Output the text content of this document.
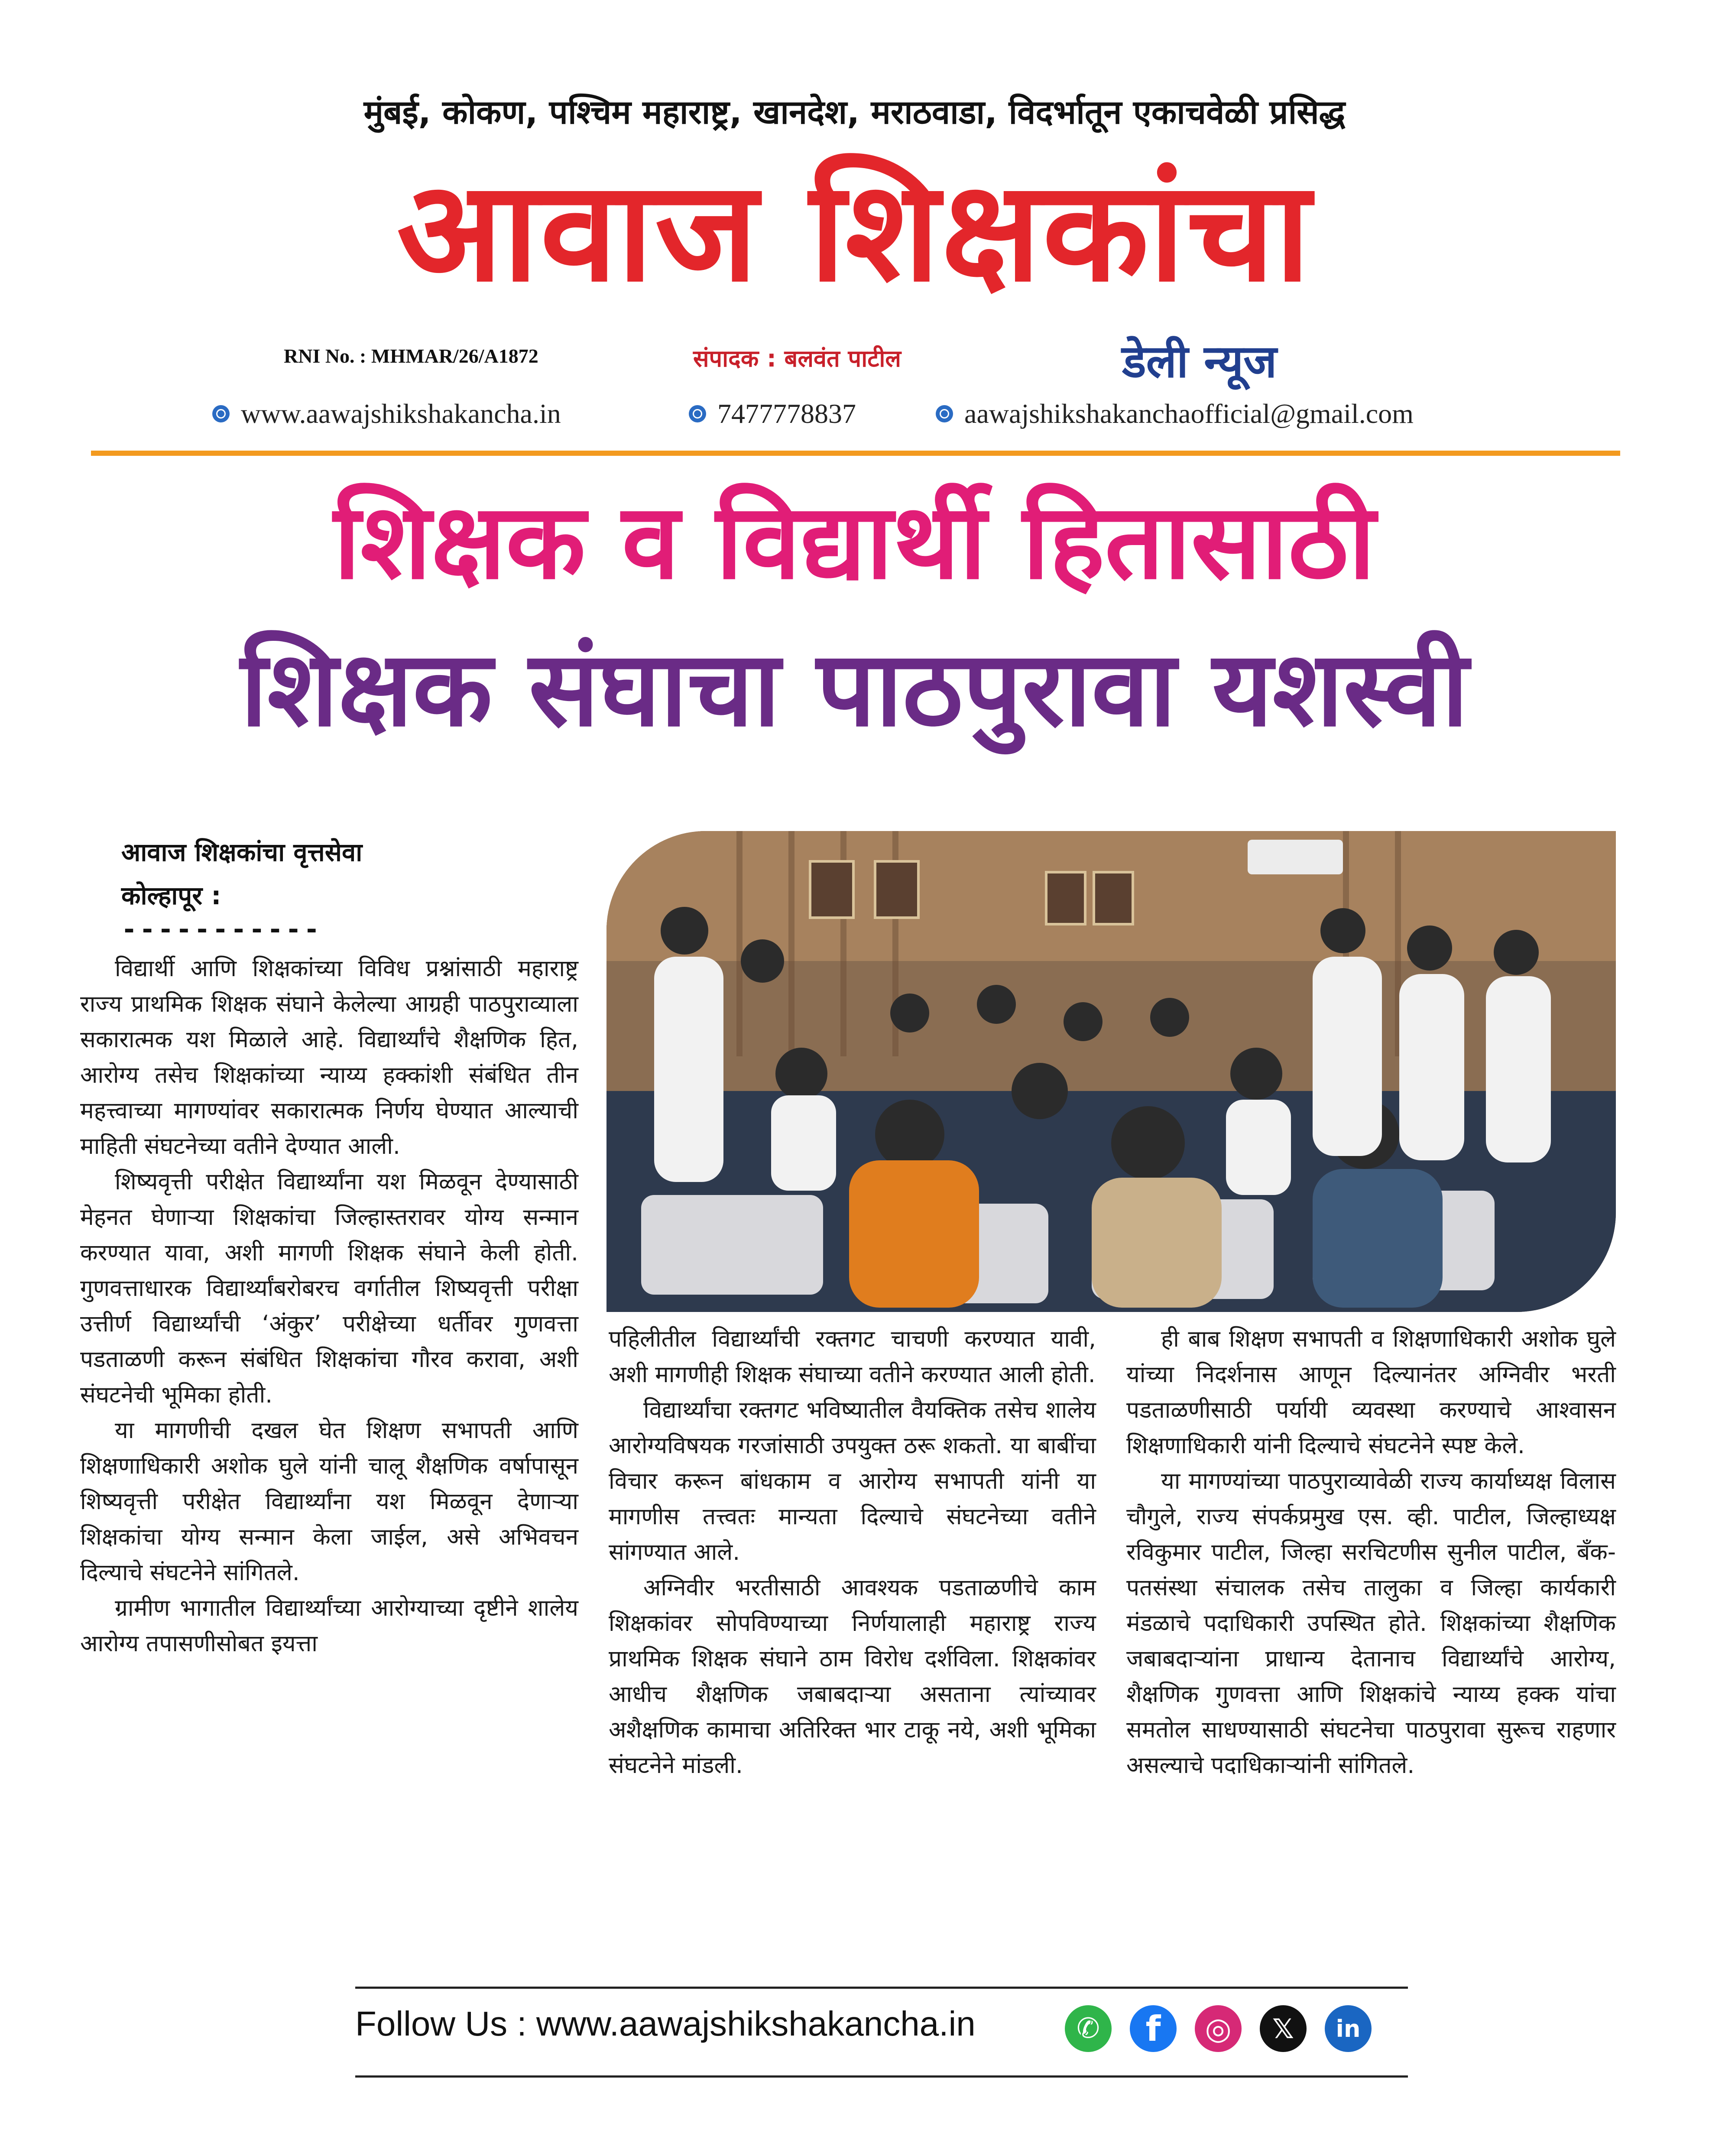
मुंबई, कोकण, पश्चिम महाराष्ट्र, खानदेश, मराठवाडा, विदर्भातून एकाचवेळी प्रसिद्ध
आवाज शिक्षकांचा
RNI No. : MHMAR/26/A1872	संपादक : बलवंत पाटील	डेली न्यूज
www.aawajshikshakancha.in	7477778837	aawajshikshakanchaofficial@gmail.com
शिक्षक व विद्यार्थी हितासाठी
शिक्षक संघाचा पाठपुरावा यशस्वी
आवाज शिक्षकांचा वृत्तसेवा
कोल्हापूर :
-----------

विद्यार्थी आणि शिक्षकांच्या विविध प्रश्नांसाठी महाराष्ट्र राज्य प्राथमिक शिक्षक संघाने केलेल्या आग्रही पाठपुराव्याला सकारात्मक यश मिळाले आहे. विद्यार्थ्यांचे शैक्षणिक हित, आरोग्य तसेच शिक्षकांच्या न्याय्य हक्कांशी संबंधित तीन महत्त्वाच्या मागण्यांवर सकारात्मक निर्णय घेण्यात आल्याची माहिती संघटनेच्या वतीने देण्यात आली.

शिष्यवृत्ती परीक्षेत विद्यार्थ्यांना यश मिळवून देण्यासाठी मेहनत घेणाऱ्या शिक्षकांचा जिल्हास्तरावर योग्य सन्मान करण्यात यावा, अशी मागणी शिक्षक संघाने केली होती. गुणवत्ताधारक विद्यार्थ्यांबरोबरच वर्गातील शिष्यवृत्ती परीक्षा उत्तीर्ण विद्यार्थ्यांची ‘अंकुर’ परीक्षेच्या धर्तीवर गुणवत्ता पडताळणी करून संबंधित शिक्षकांचा गौरव करावा, अशी संघटनेची भूमिका होती.

या मागणीची दखल घेत शिक्षण सभापती आणि शिक्षणाधिकारी अशोक घुले यांनी चालू शैक्षणिक वर्षापासून शिष्यवृत्ती परीक्षेत विद्यार्थ्यांना यश मिळवून देणाऱ्या शिक्षकांचा योग्य सन्मान केला जाईल, असे अभिवचन दिल्याचे संघटनेने सांगितले.

ग्रामीण भागातील विद्यार्थ्यांच्या आरोग्याच्या दृष्टीने शालेय आरोग्य तपासणीसोबत इयत्ता

पहिलीतील विद्यार्थ्यांची रक्तगट चाचणी करण्यात यावी, अशी मागणीही शिक्षक संघाच्या वतीने करण्यात आली होती.

विद्यार्थ्यांचा रक्तगट भविष्यातील वैयक्तिक तसेच शालेय आरोग्यविषयक गरजांसाठी उपयुक्त ठरू शकतो. या बाबींचा विचार करून बांधकाम व आरोग्य सभापती यांनी या मागणीस तत्त्वतः मान्यता दिल्याचे संघटनेच्या वतीने सांगण्यात आले.

अग्निवीर भरतीसाठी आवश्यक पडताळणीचे काम शिक्षकांवर सोपविण्याच्या निर्णयालाही महाराष्ट्र राज्य प्राथमिक शिक्षक संघाने ठाम विरोध दर्शविला. शिक्षकांवर आधीच शैक्षणिक जबाबदाऱ्या असताना त्यांच्यावर अशैक्षणिक कामाचा अतिरिक्त भार टाकू नये, अशी भूमिका संघटनेने मांडली.

ही बाब शिक्षण सभापती व शिक्षणाधिकारी अशोक घुले यांच्या निदर्शनास आणून दिल्यानंतर अग्निवीर भरती पडताळणीसाठी पर्यायी व्यवस्था करण्याचे आश्वासन शिक्षणाधिकारी यांनी दिल्याचे संघटनेने स्पष्ट केले.

या मागण्यांच्या पाठपुराव्यावेळी राज्य कार्याध्यक्ष विलास चौगुले, राज्य संपर्कप्रमुख एस. व्ही. पाटील, जिल्हाध्यक्ष रविकुमार पाटील, जिल्हा सरचिटणीस सुनील पाटील, बँक-पतसंस्था संचालक तसेच तालुका व जिल्हा कार्यकारी मंडळाचे पदाधिकारी उपस्थित होते. शिक्षकांच्या शैक्षणिक जबाबदाऱ्यांना प्राधान्य देतानाच विद्यार्थ्यांचे आरोग्य, शैक्षणिक गुणवत्ता आणि शिक्षकांचे न्याय्य हक्क यांचा समतोल साधण्यासाठी संघटनेचा पाठपुरावा सुरूच राहणार असल्याचे पदाधिकाऱ्यांनी सांगितले.

Follow Us : www.aawajshikshakancha.in	✆	f	◎	𝕏	in
